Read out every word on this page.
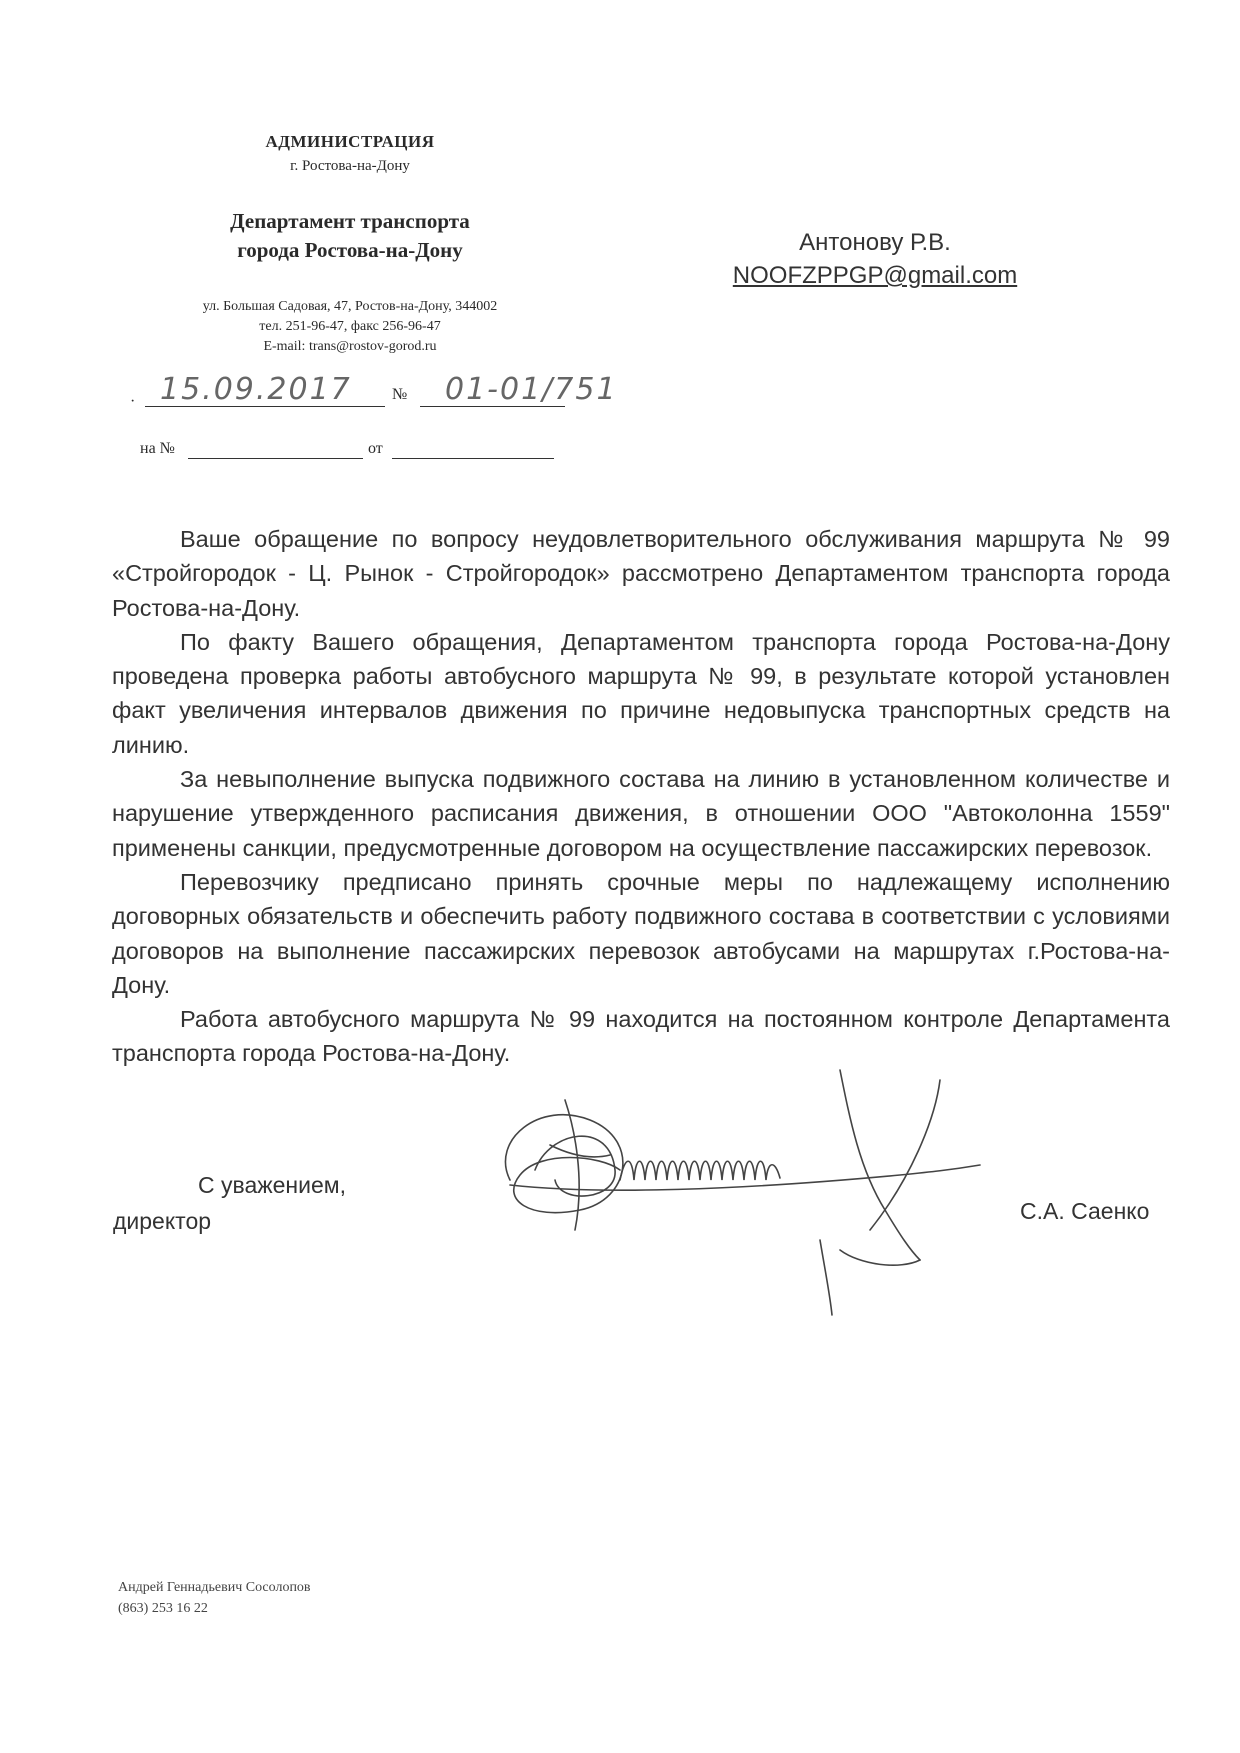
АДМИНИСТРАЦИЯ
г. Ростова-на-Дону
Департамент транспорта
города Ростова-на-Дону
ул. Большая Садовая, 47, Ростов-на-Дону, 344002
тел. 251-96-47, факс 256-96-47
E-mail: trans@rostov-gorod.ru
· 15.09.2017	№ 01-01/751
на №	от
Антонову Р.В.
NOOFZPPGP@gmail.com

Ваше обращение по вопросу неудовлетворительного обслуживания маршрута № 99 «Стройгородок - Ц. Рынок - Стройгородок» рассмотрено Департаментом транспорта города Ростова-на-Дону.

По факту Вашего обращения, Департаментом транспорта города Ростова-на-Дону проведена проверка работы автобусного маршрута № 99, в результате которой установлен факт увеличения интервалов движения по причине недовыпуска транспортных средств на линию.

За невыполнение выпуска подвижного состава на линию в установленном количестве и нарушение утвержденного расписания движения, в отношении ООО "Автоколонна 1559" применены санкции, предусмотренные договором на осуществление пассажирских перевозок.

Перевозчику предписано принять срочные меры по надлежащему исполнению договорных обязательств и обеспечить работу подвижного состава в соответствии с условиями договоров на выполнение пассажирских перевозок автобусами на маршрутах г.Ростова-на-Дону.

Работа автобусного маршрута № 99 находится на постоянном контроле Департамента транспорта города Ростова-на-Дону.

С уважением,
директор	С.А. Саенко
Андрей Геннадьевич Сосолопов
(863) 253 16 22
